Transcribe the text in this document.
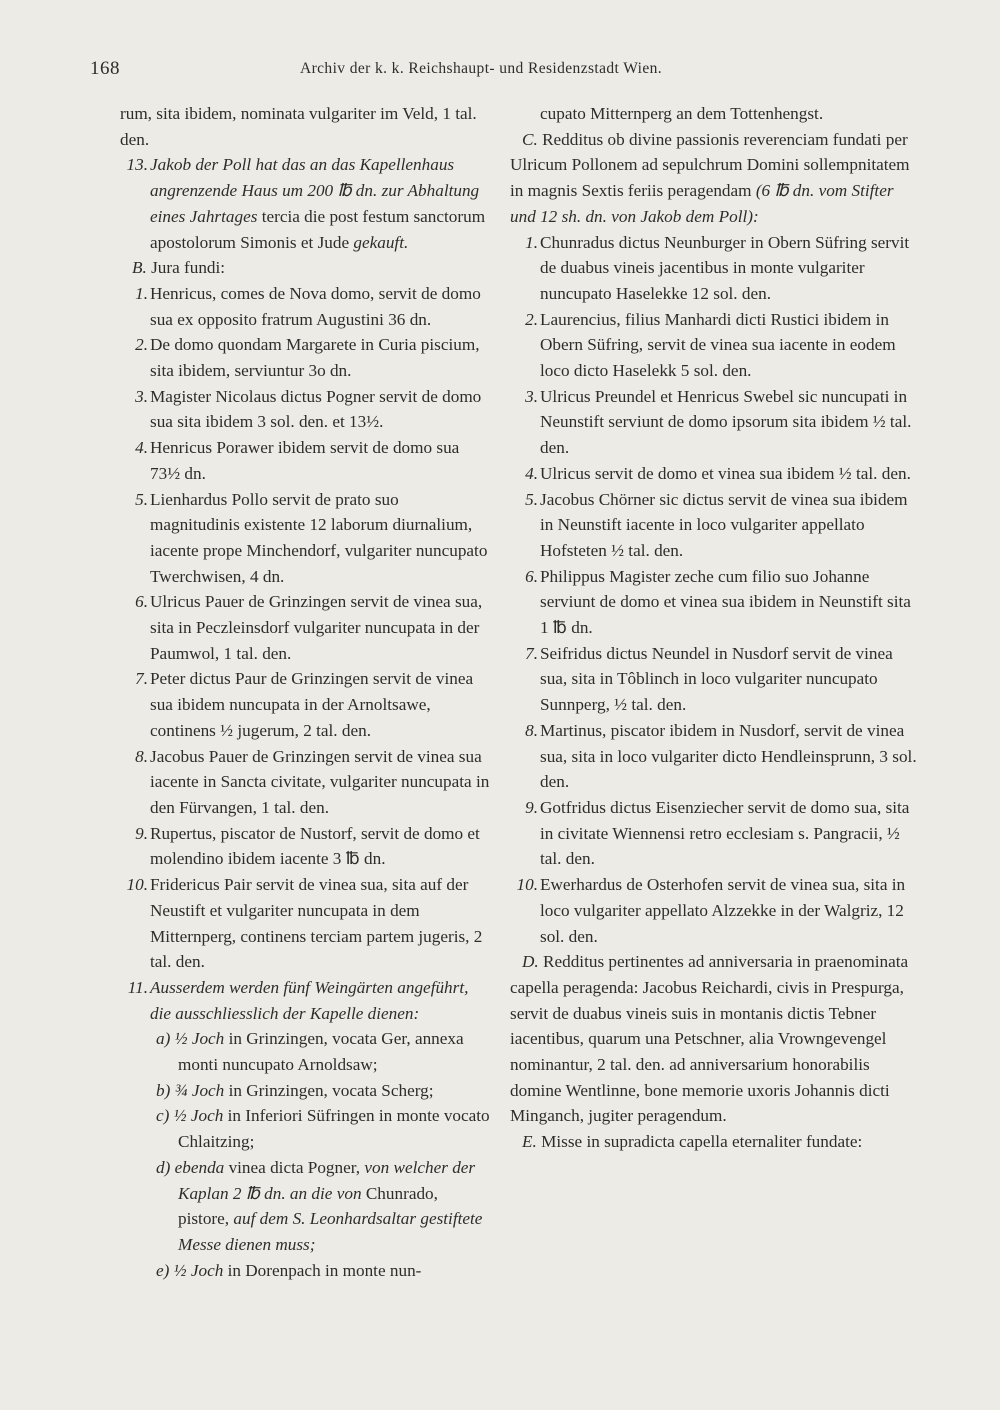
168	Archiv der k. k. Reichshaupt- und Residenzstadt Wien.

rum, sita ibidem, nominata vulgariter im Veld, 1 tal. den.

13. Jakob der Poll hat das an das Kapellenhaus angrenzende Haus um 200 ℔ dn. zur Abhaltung eines Jahrtages tercia die post festum sanctorum apostolorum Simonis et Jude gekauft.

B. Jura fundi:

1. Henricus, comes de Nova domo, servit de domo sua ex opposito fratrum Augustini 36 dn.

2. De domo quondam Margarete in Curia piscium, sita ibidem, serviuntur 3o dn.

3. Magister Nicolaus dictus Pogner servit de domo sua sita ibidem 3 sol. den. et 13½.

4. Henricus Porawer ibidem servit de domo sua 73½ dn.

5. Lienhardus Pollo servit de prato suo magnitudinis existente 12 laborum diurnalium, iacente prope Minchendorf, vulgariter nuncupato Twerchwisen, 4 dn.

6. Ulricus Pauer de Grinzingen servit de vinea sua, sita in Peczleinsdorf vulgariter nuncupata in der Paumwol, 1 tal. den.

7. Peter dictus Paur de Grinzingen servit de vinea sua ibidem nuncupata in der Arnoltsawe, continens ½ jugerum, 2 tal. den.

8. Jacobus Pauer de Grinzingen servit de vinea sua iacente in Sancta civitate, vulgariter nuncupata in den Fürvangen, 1 tal. den.

9. Rupertus, piscator de Nustorf, servit de domo et molendino ibidem iacente 3 ℔ dn.

10. Fridericus Pair servit de vinea sua, sita auf der Neustift et vulgariter nuncupata in dem Mitternperg, continens terciam partem jugeris, 2 tal. den.

11. Ausserdem werden fünf Weingärten angeführt, die ausschliesslich der Kapelle dienen:

a) ½ Joch in Grinzingen, vocata Ger, annexa monti nuncupato Arnoldsaw;

b) ¾ Joch in Grinzingen, vocata Scherg;

c) ½ Joch in Inferiori Süfringen in monte vocato Chlaitzing;

d) ebenda vinea dicta Pogner, von welcher der Kaplan 2 ℔ dn. an die von Chunrado, pistore, auf dem S. Leonhardsaltar gestiftete Messe dienen muss;

e) ½ Joch in Dorenpach in monte nun-

cupato Mitternperg an dem Tottenhengst.

C. Redditus ob divine passionis reverenciam fundati per Ulricum Pollonem ad sepulchrum Domini sollempnitatem in magnis Sextis feriis peragendam (6 ℔ dn. vom Stifter und 12 sh. dn. von Jakob dem Poll):

1. Chunradus dictus Neunburger in Obern Süfring servit de duabus vineis jacentibus in monte vulgariter nuncupato Haselekke 12 sol. den.

2. Laurencius, filius Manhardi dicti Rustici ibidem in Obern Süfring, servit de vinea sua iacente in eodem loco dicto Haselekk 5 sol. den.

3. Ulricus Preundel et Henricus Swebel sic nuncupati in Neunstift serviunt de domo ipsorum sita ibidem ½ tal. den.

4. Ulricus servit de domo et vinea sua ibidem ½ tal. den.

5. Jacobus Chörner sic dictus servit de vinea sua ibidem in Neunstift iacente in loco vulgariter appellato Hofsteten ½ tal. den.

6. Philippus Magister zeche cum filio suo Johanne serviunt de domo et vinea sua ibidem in Neunstift sita 1 ℔ dn.

7. Seifridus dictus Neundel in Nusdorf servit de vinea sua, sita in Tôblinch in loco vulgariter nuncupato Sunnperg, ½ tal. den.

8. Martinus, piscator ibidem in Nusdorf, servit de vinea sua, sita in loco vulgariter dicto Hendleinsprunn, 3 sol. den.

9. Gotfridus dictus Eisenziecher servit de domo sua, sita in civitate Wiennensi retro ecclesiam s. Pangracii, ½ tal. den.

10. Ewerhardus de Osterhofen servit de vinea sua, sita in loco vulgariter appellato Alzzekke in der Walgriz, 12 sol. den.

D. Redditus pertinentes ad anniversaria in praenominata capella peragenda: Jacobus Reichardi, civis in Prespurga, servit de duabus vineis suis in montanis dictis Tebner iacentibus, quarum una Petschner, alia Vrowngevengel nominantur, 2 tal. den. ad anniversarium honorabilis domine Wentlinne, bone memorie uxoris Johannis dicti Minganch, jugiter peragendum.

E. Misse in supradicta capella eternaliter fundate:
